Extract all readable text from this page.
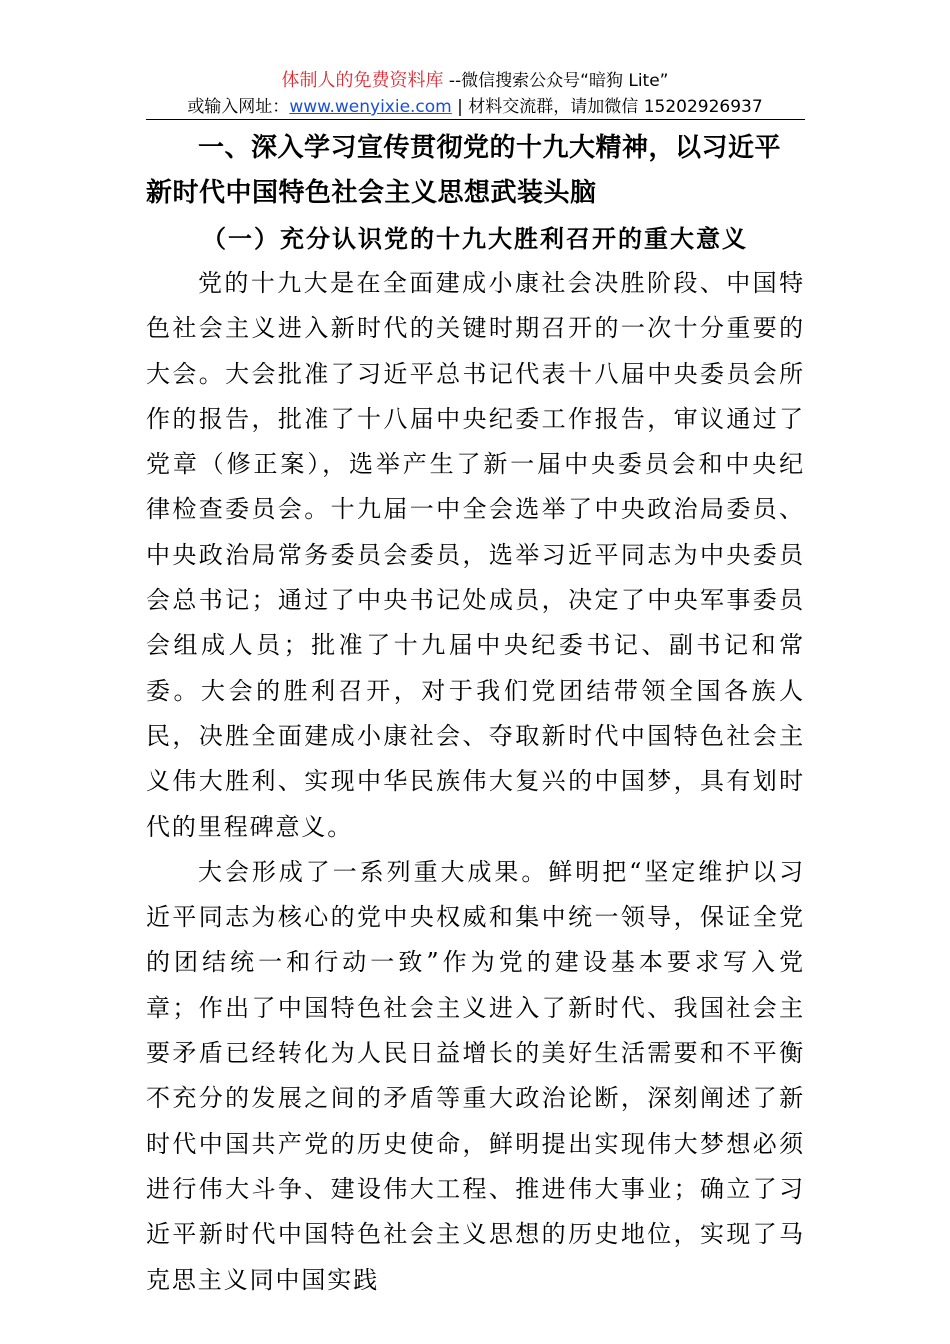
体制人的免费资料库 --微信搜索公众号“暗狗 Lite”
或输入网址：www.wenyixie.com | 材料交流群，请加微信 15202926937
一、深入学习宣传贯彻党的十九大精神，以习近平新时代中国特色社会主义思想武装头脑
（一）充分认识党的十九大胜利召开的重大意义

党的十九大是在全面建成小康社会决胜阶段、中国特色社会主义进入新时代的关键时期召开的一次十分重要的大会。大会批准了习近平总书记代表十八届中央委员会所作的报告，批准了十八届中央纪委工作报告，审议通过了党章（修正案），选举产生了新一届中央委员会和中央纪律检查委员会。十九届一中全会选举了中央政治局委员、中央政治局常务委员会委员，选举习近平同志为中央委员会总书记；通过了中央书记处成员，决定了中央军事委员会组成人员；批准了十九届中央纪委书记、副书记和常委。大会的胜利召开，对于我们党团结带领全国各族人民，决胜全面建成小康社会、夺取新时代中国特色社会主义伟大胜利、实现中华民族伟大复兴的中国梦，具有划时代的里程碑意义。

大会形成了一系列重大成果。鲜明把“坚定维护以习近平同志为核心的党中央权威和集中统一领导，保证全党的团结统一和行动一致”作为党的建设基本要求写入党章；作出了中国特色社会主义进入了新时代、我国社会主要矛盾已经转化为人民日益增长的美好生活需要和不平衡不充分的发展之间的矛盾等重大政治论断，深刻阐述了新时代中国共产党的历史使命，鲜明提出实现伟大梦想必须进行伟大斗争、建设伟大工程、推进伟大事业；确立了习近平新时代中国特色社会主义思想的历史地位，实现了马克思主义同中国实践
